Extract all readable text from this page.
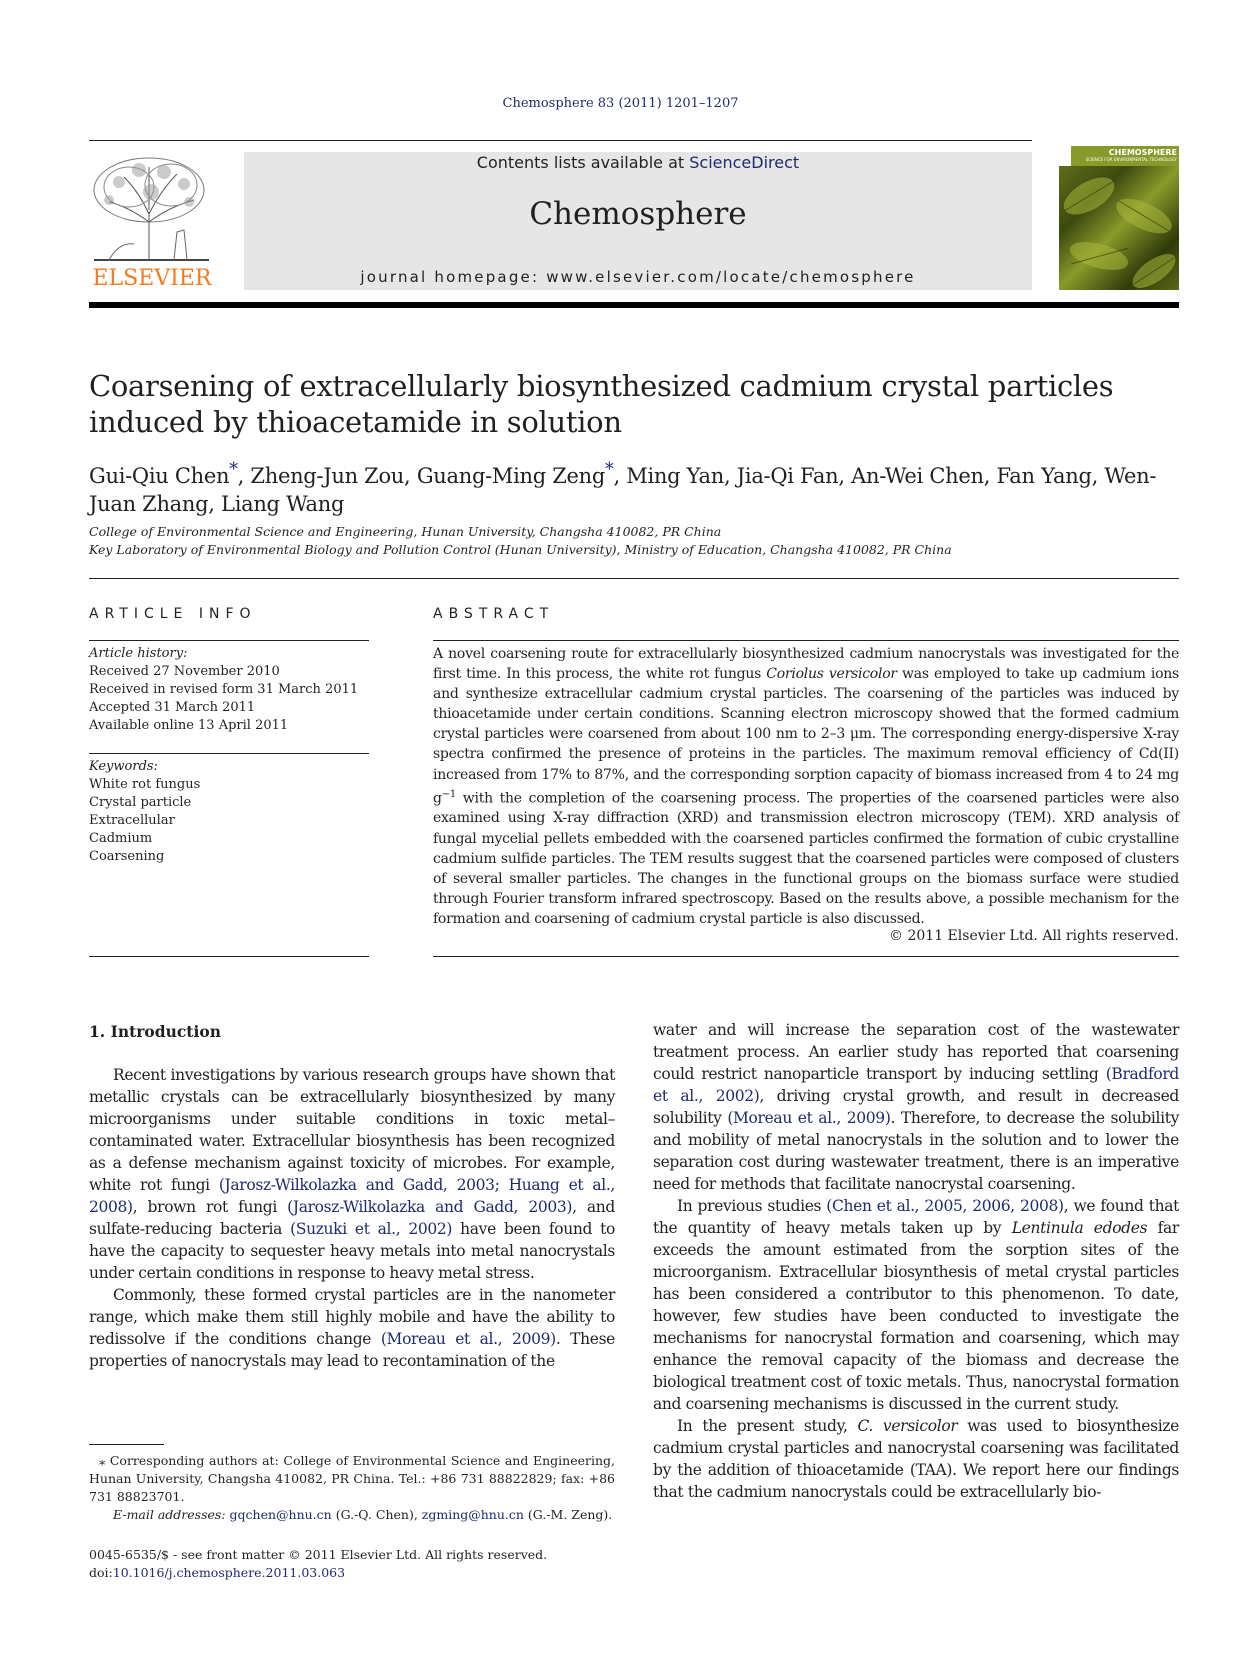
Chemosphere 83 (2011) 1201–1207
ELSEVIER
Contents lists available at ScienceDirect
Chemosphere
journal homepage: www.elsevier.com/locate/chemosphere
CHEMOSPHERE
SCIENCE FOR ENVIRONMENTAL TECHNOLOGY
Coarsening of extracellularly biosynthesized cadmium crystal particles induced by thioacetamide in solution
Gui-Qiu Chen*, Zheng-Jun Zou, Guang-Ming Zeng*, Ming Yan, Jia-Qi Fan, An-Wei Chen, Fan Yang, Wen-Juan Zhang, Liang Wang
College of Environmental Science and Engineering, Hunan University, Changsha 410082, PR China
Key Laboratory of Environmental Biology and Pollution Control (Hunan University), Ministry of Education, Changsha 410082, PR China
ARTICLE INFO
Article history:
Received 27 November 2010
Received in revised form 31 March 2011
Accepted 31 March 2011
Available online 13 April 2011
Keywords:
White rot fungus
Crystal particle
Extracellular
Cadmium
Coarsening
ABSTRACT
A novel coarsening route for extracellularly biosynthesized cadmium nanocrystals was investigated for the first time. In this process, the white rot fungus Coriolus versicolor was employed to take up cadmium ions and synthesize extracellular cadmium crystal particles. The coarsening of the particles was induced by thioacetamide under certain conditions. Scanning electron microscopy showed that the formed cadmium crystal particles were coarsened from about 100 nm to 2–3 μm. The corresponding energy-dispersive X-ray spectra confirmed the presence of proteins in the particles. The maximum removal efficiency of Cd(II) increased from 17% to 87%, and the corresponding sorption capacity of biomass increased from 4 to 24 mg $g^{-1}$ with the completion of the coarsening process. The properties of the coarsened particles were also examined using X-ray diffraction (XRD) and transmission electron microscopy (TEM). XRD analysis of fungal mycelial pellets embedded with the coarsened particles confirmed the formation of cubic crystalline cadmium sulfide particles. The TEM results suggest that the coarsened particles were composed of clusters of several smaller particles. The changes in the functional groups on the biomass surface were studied through Fourier transform infrared spectroscopy. Based on the results above, a possible mechanism for the formation and coarsening of cadmium crystal particle is also discussed.
© 2011 Elsevier Ltd. All rights reserved.
1. Introduction

Recent investigations by various research groups have shown that metallic crystals can be extracellularly biosynthesized by many microorganisms under suitable conditions in toxic metal–contaminated water. Extracellular biosynthesis has been recognized as a defense mechanism against toxicity of microbes. For example, white rot fungi (Jarosz-Wilkolazka and Gadd, 2003; Huang et al., 2008), brown rot fungi (Jarosz-Wilkolazka and Gadd, 2003), and sulfate-reducing bacteria (Suzuki et al., 2002) have been found to have the capacity to sequester heavy metals into metal nanocrystals under certain conditions in response to heavy metal stress.

Commonly, these formed crystal particles are in the nanometer range, which make them still highly mobile and have the ability to redissolve if the conditions change (Moreau et al., 2009). These properties of nanocrystals may lead to recontamination of the

water and will increase the separation cost of the wastewater treatment process. An earlier study has reported that coarsening could restrict nanoparticle transport by inducing settling (Bradford et al., 2002), driving crystal growth, and result in decreased solubility (Moreau et al., 2009). Therefore, to decrease the solubility and mobility of metal nanocrystals in the solution and to lower the separation cost during wastewater treatment, there is an imperative need for methods that facilitate nanocrystal coarsening.

In previous studies (Chen et al., 2005, 2006, 2008), we found that the quantity of heavy metals taken up by Lentinula edodes far exceeds the amount estimated from the sorption sites of the microorganism. Extracellular biosynthesis of metal crystal particles has been considered a contributor to this phenomenon. To date, however, few studies have been conducted to investigate the mechanisms for nanocrystal formation and coarsening, which may enhance the removal capacity of the biomass and decrease the biological treatment cost of toxic metals. Thus, nanocrystal formation and coarsening mechanisms is discussed in the current study.

In the present study, C. versicolor was used to biosynthesize cadmium crystal particles and nanocrystal coarsening was facilitated by the addition of thioacetamide (TAA). We report here our findings that the cadmium nanocrystals could be extracellularly bio-

⁎ Corresponding authors at: College of Environmental Science and Engineering, Hunan University, Changsha 410082, PR China. Tel.: +86 731 88822829; fax: +86 731 88823701.
E-mail addresses: gqchen@hnu.cn (G.-Q. Chen), zgming@hnu.cn (G.-M. Zeng).
0045-6535/$ - see front matter © 2011 Elsevier Ltd. All rights reserved.
doi:10.1016/j.chemosphere.2011.03.063
